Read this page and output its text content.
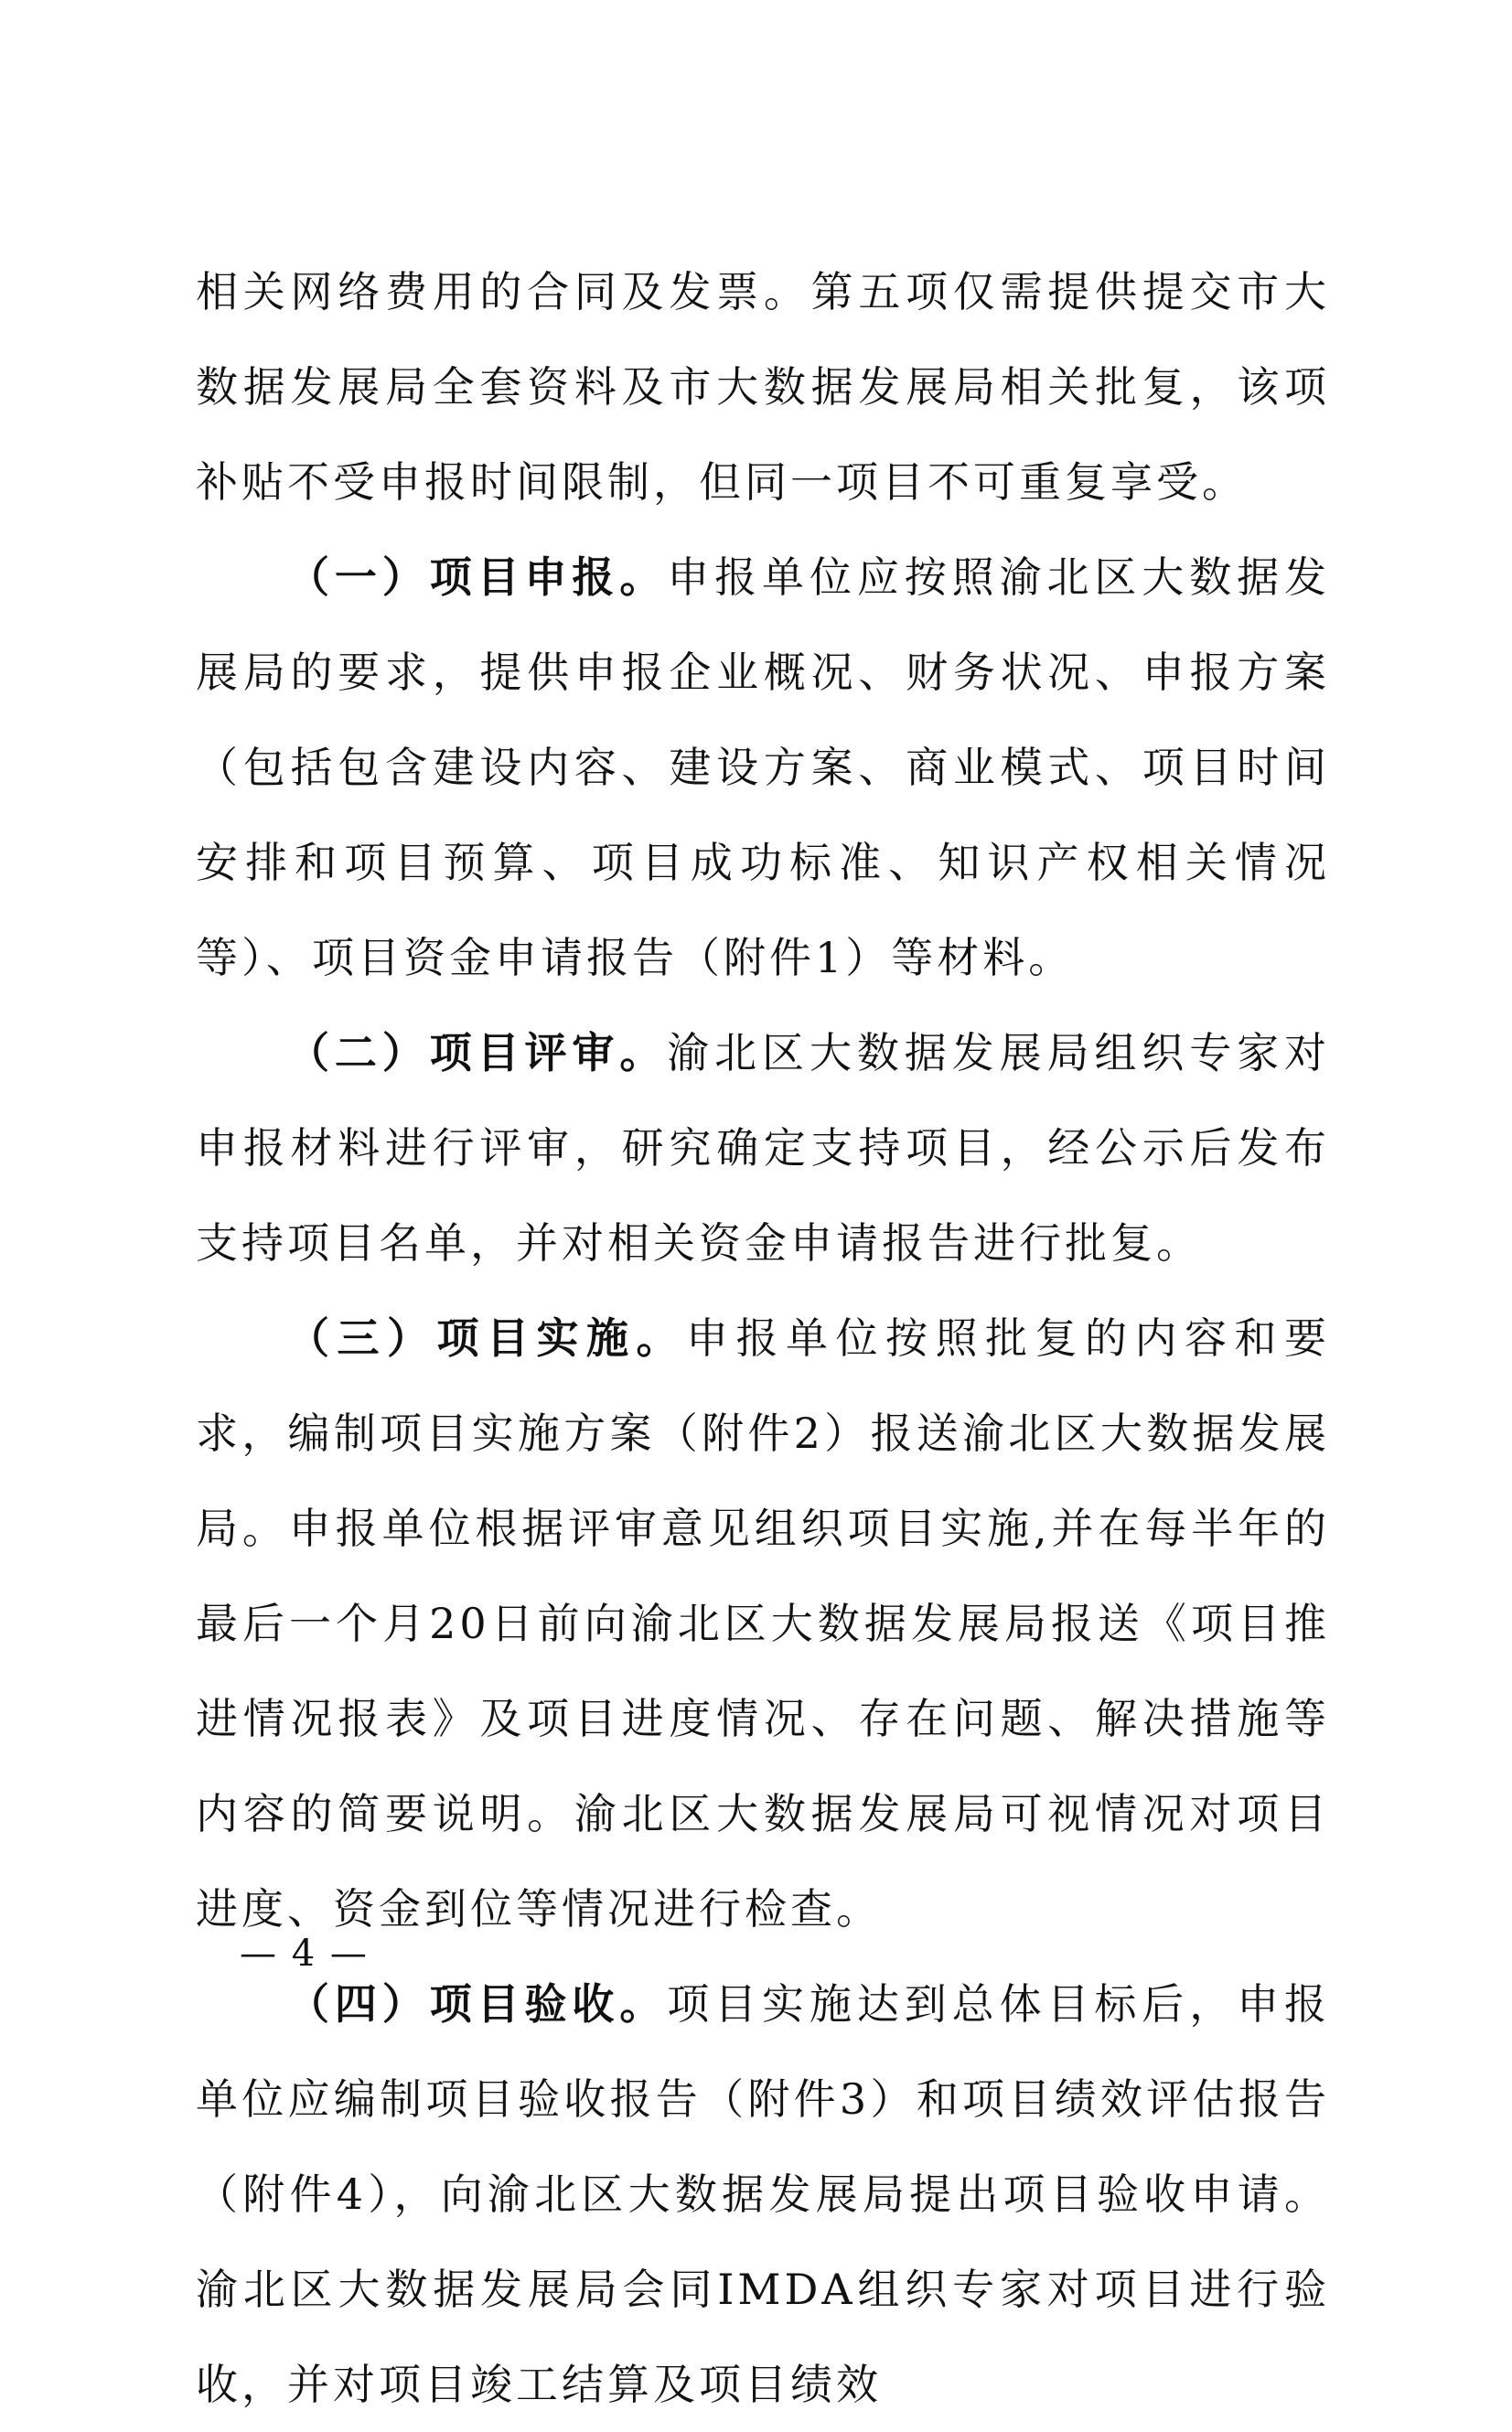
相关网络费用的合同及发票。第五项仅需提供提交市大数据发展局全套资料及市大数据发展局相关批复，该项补贴不受申报时间限制，但同一项目不可重复享受。

（一）项目申报。申报单位应按照渝北区大数据发展局的要求，提供申报企业概况、财务状况、申报方案（包括包含建设内容、建设方案、商业模式、项目时间安排和项目预算、项目成功标准、知识产权相关情况等）、项目资金申请报告（附件1）等材料。

（二）项目评审。渝北区大数据发展局组织专家对申报材料进行评审，研究确定支持项目，经公示后发布支持项目名单，并对相关资金申请报告进行批复。

（三）项目实施。申报单位按照批复的内容和要求，编制项目实施方案（附件2）报送渝北区大数据发展局。申报单位根据评审意见组织项目实施,并在每半年的最后一个月20日前向渝北区大数据发展局报送《项目推进情况报表》及项目进度情况、存在问题、解决措施等内容的简要说明。渝北区大数据发展局可视情况对项目进度、资金到位等情况进行检查。

（四）项目验收。项目实施达到总体目标后，申报单位应编制项目验收报告（附件3）和项目绩效评估报告（附件4），向渝北区大数据发展局提出项目验收申请。渝北区大数据发展局会同IMDA组织专家对项目进行验收，并对项目竣工结算及项目绩效

— 4 —
